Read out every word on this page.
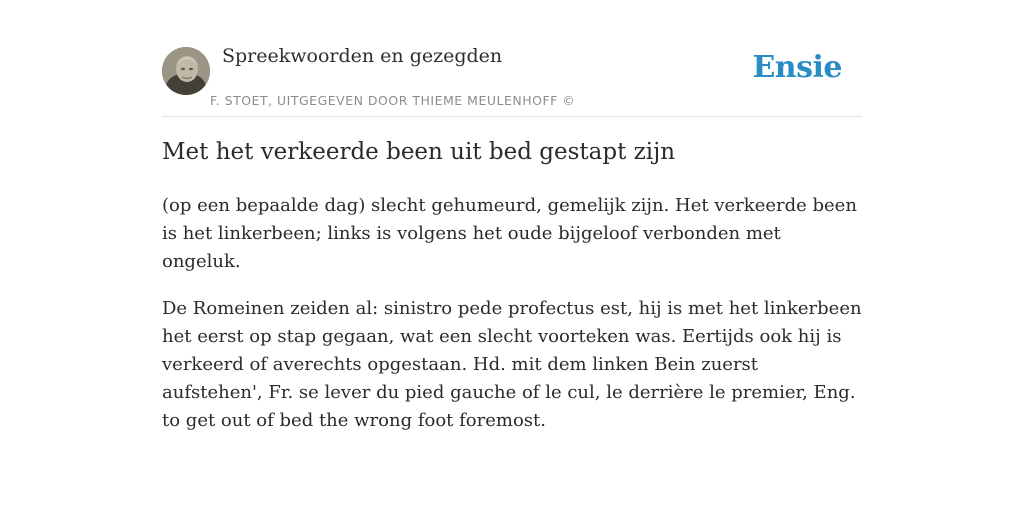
Spreekwoorden en gezegden
F. STOET, UITGEGEVEN DOOR THIEME MEULENHOFF ©
Ensie
Met het verkeerde been uit bed gestapt zijn

(op een bepaalde dag) slecht gehumeurd, gemelijk zijn. Het verkeerde been is het linkerbeen; links is volgens het oude bijgeloof verbonden met ongeluk.

De Romeinen zeiden al: sinistro pede profectus est, hij is met het linkerbeen het eerst op stap gegaan, wat een slecht voorteken was. Eertijds ook hij is verkeerd of averechts opgestaan. Hd. mit dem linken Bein zuerst aufstehen', Fr. se lever du pied gauche of le cul, le derrière le premier, Eng. to get out of bed the wrong foot foremost.
